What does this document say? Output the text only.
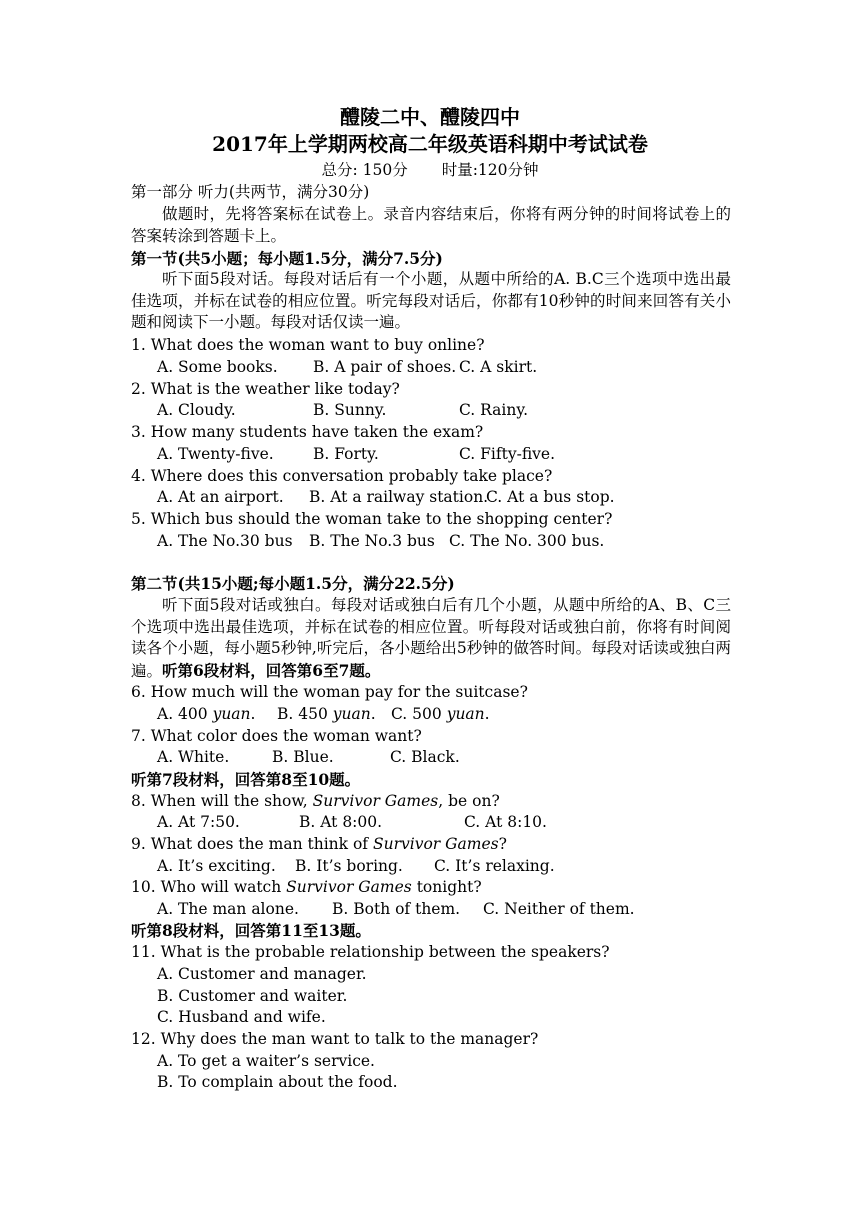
醴陵二中、醴陵四中
2017年上学期两校高二年级英语科期中考试试卷
总分: 150分 时量:120分钟
第一部分 听力(共两节，满分30分)
做题时，先将答案标在试卷上。录音内容结束后，你将有两分钟的时间将试卷上的答案转涂到答题卡上。
第一节(共5小题；每小题1.5分，满分7.5分)
听下面5段对话。每段对话后有一个小题，从题中所给的A. B.C三个选项中选出最佳选项，并标在试卷的相应位置。听完每段对话后，你都有10秒钟的时间来回答有关小题和阅读下一小题。每段对话仅读一遍。
1. What does the woman want to buy online?
A. Some books. B. A pair of shoes. C. A skirt.
2. What is the weather like today?
A. Cloudy.	B. Sunny.	C. Rainy.
3. How many students have taken the exam?
A. Twenty-five.	B. Forty.	C. Fifty-five.
4. Where does this conversation probably take place?
A. At an airport. B. At a railway station.C. At a bus stop.
5. Which bus should the woman take to the shopping center?
A. The No.30 bus B. The No.3 bus C. The No. 300 bus.
第二节(共15小题;每小题1.5分，满分22.5分)
听下面5段对话或独白。每段对话或独白后有几个小题，从题中所给的A、B、C三个选项中选出最佳选项，并标在试卷的相应位置。听每段对话或独白前，你将有时间阅读各个小题，每小题5秒钟,听完后，各小题给出5秒钟的做答时间。每段对话读或独白两遍。听第6段材料，回答第6至7题。
6. How much will the woman pay for the suitcase?
A. 400 yuan. B. 450 yuan. C. 500 yuan.
7. What color does the woman want?
A. White.	B. Blue.	C. Black.
听第7段材料，回答第8至10题。
8. When will the show, Survivor Games, be on?
A. At 7:50.	B. At 8:00.	C. At 8:10.
9. What does the man think of Survivor Games?
A. It’s exciting. B. It’s boring. C. It’s relaxing.
10. Who will watch Survivor Games tonight?
A. The man alone. B. Both of them. C. Neither of them.
听第8段材料，回答第11至13题。
11. What is the probable relationship between the speakers?
A. Customer and manager.
B. Customer and waiter.
C. Husband and wife.
12. Why does the man want to talk to the manager?
A. To get a waiter’s service.
B. To complain about the food.
